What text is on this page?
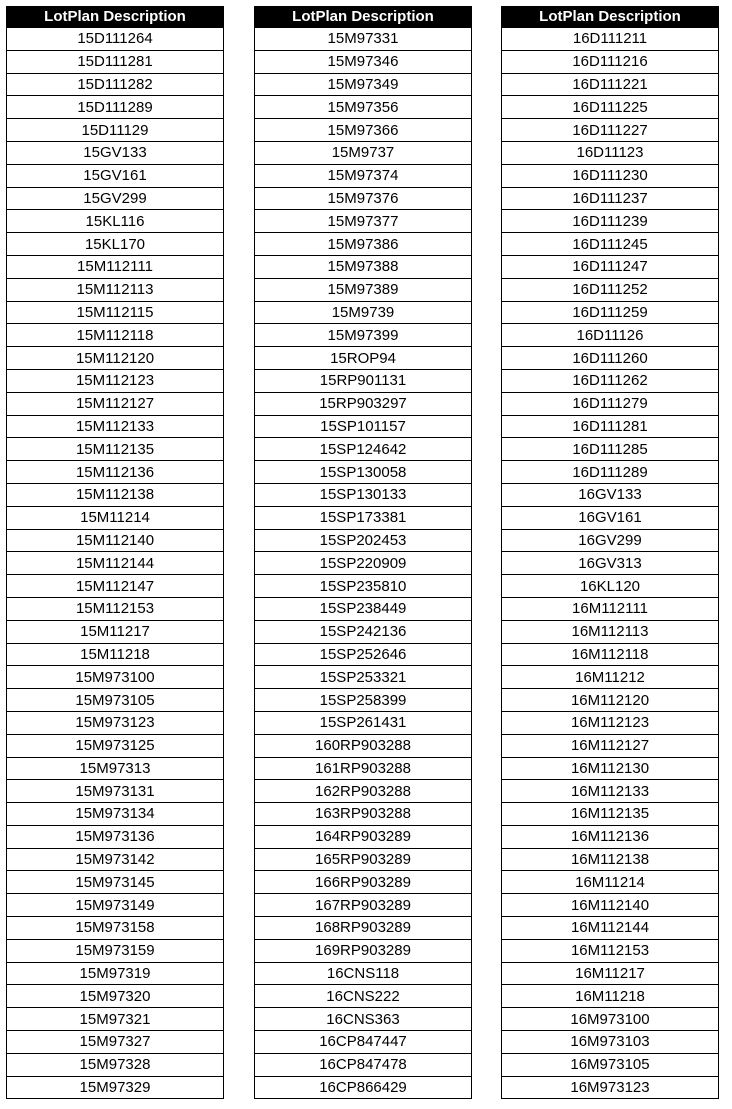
LotPlan Description
15D111264
15D111281
15D111282
15D111289
15D11129
15GV133
15GV161
15GV299
15KL116
15KL170
15M112111
15M112113
15M112115
15M112118
15M112120
15M112123
15M112127
15M112133
15M112135
15M112136
15M112138
15M11214
15M112140
15M112144
15M112147
15M112153
15M11217
15M11218
15M973100
15M973105
15M973123
15M973125
15M97313
15M973131
15M973134
15M973136
15M973142
15M973145
15M973149
15M973158
15M973159
15M97319
15M97320
15M97321
15M97327
15M97328
15M97329
LotPlan Description
15M97331
15M97346
15M97349
15M97356
15M97366
15M9737
15M97374
15M97376
15M97377
15M97386
15M97388
15M97389
15M9739
15M97399
15ROP94
15RP901131
15RP903297
15SP101157
15SP124642
15SP130058
15SP130133
15SP173381
15SP202453
15SP220909
15SP235810
15SP238449
15SP242136
15SP252646
15SP253321
15SP258399
15SP261431
160RP903288
161RP903288
162RP903288
163RP903288
164RP903289
165RP903289
166RP903289
167RP903289
168RP903289
169RP903289
16CNS118
16CNS222
16CNS363
16CP847447
16CP847478
16CP866429
LotPlan Description
16D111211
16D111216
16D111221
16D111225
16D111227
16D11123
16D111230
16D111237
16D111239
16D111245
16D111247
16D111252
16D111259
16D11126
16D111260
16D111262
16D111279
16D111281
16D111285
16D111289
16GV133
16GV161
16GV299
16GV313
16KL120
16M112111
16M112113
16M112118
16M11212
16M112120
16M112123
16M112127
16M112130
16M112133
16M112135
16M112136
16M112138
16M11214
16M112140
16M112144
16M112153
16M11217
16M11218
16M973100
16M973103
16M973105
16M973123
